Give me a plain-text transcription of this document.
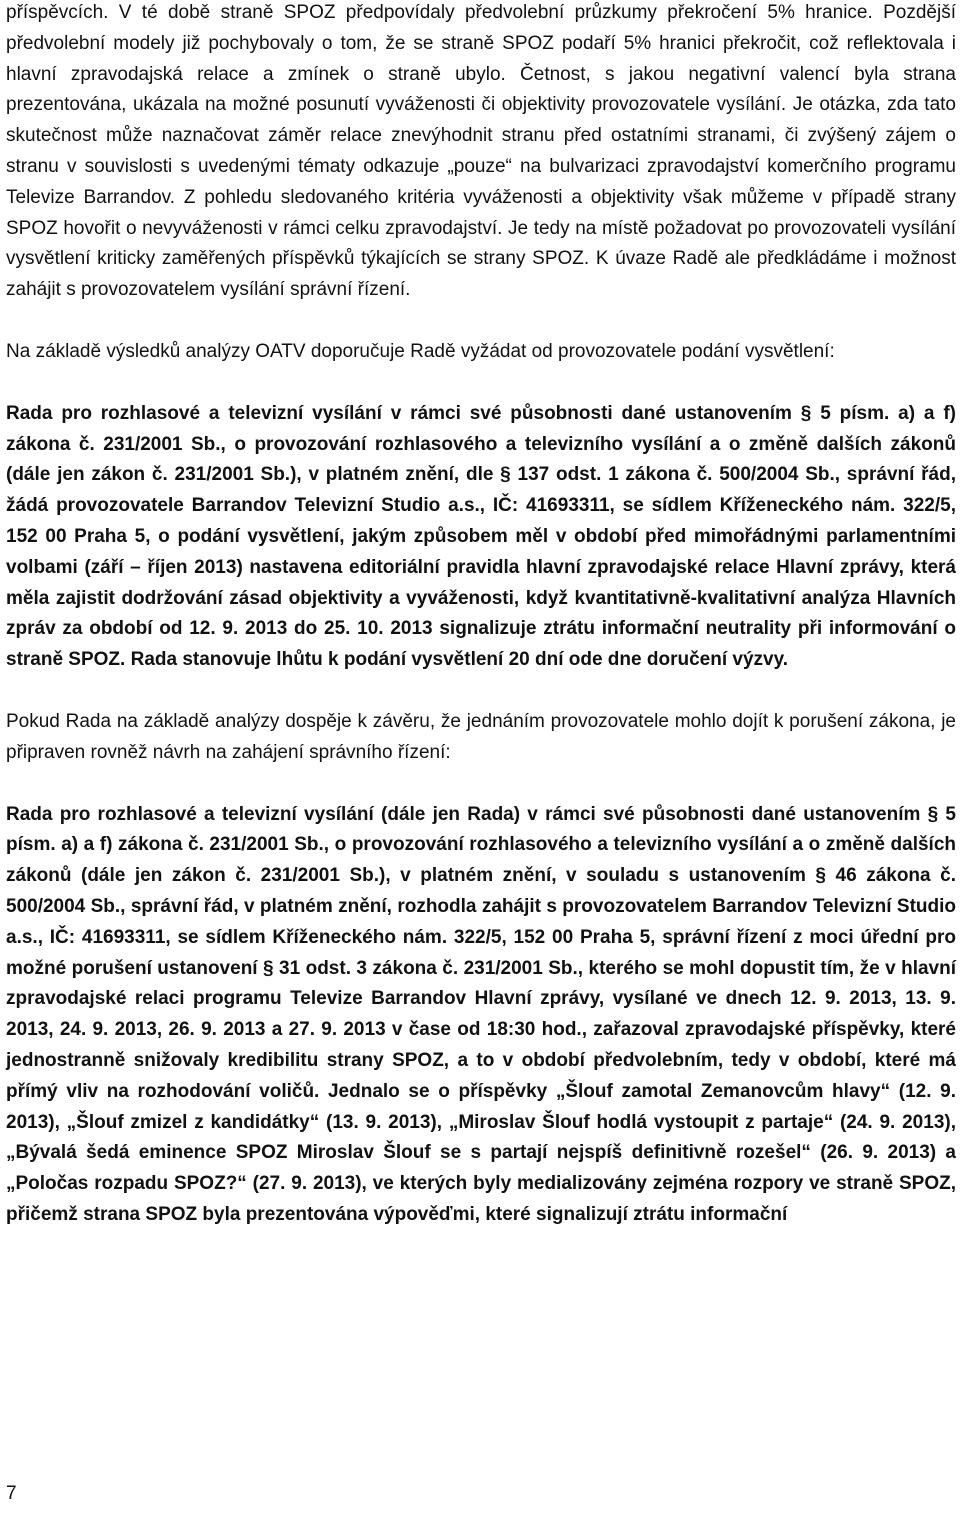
příspěvcích. V té době straně SPOZ předpovídaly předvolební průzkumy překročení 5% hranice. Pozdější předvolební modely již pochybovaly o tom, že se straně SPOZ podaří 5% hranici překročit, což reflektovala i hlavní zpravodajská relace a zmínek o straně ubylo. Četnost, s jakou negativní valencí byla strana prezentována, ukázala na možné posunutí vyváženosti či objektivity provozovatele vysílání. Je otázka, zda tato skutečnost může naznačovat záměr relace znevýhodnit stranu před ostatními stranami, či zvýšený zájem o stranu v souvislosti s uvedenými tématy odkazuje „pouze“ na bulvarizaci zpravodajství komerčního programu Televize Barrandov. Z pohledu sledovaného kritéria vyváženosti a objektivity však můžeme v případě strany SPOZ hovořit o nevyváženosti v rámci celku zpravodajství. Je tedy na místě požadovat po provozovateli vysílání vysvětlení kriticky zaměřených příspěvků týkajících se strany SPOZ. K úvaze Radě ale předkládáme i možnost zahájit s provozovatelem vysílání správní řízení.

Na základě výsledků analýzy OATV doporučuje Radě vyžádat od provozovatele podání vysvětlení:

Rada pro rozhlasové a televizní vysílání v rámci své působnosti dané ustanovením § 5 písm. a) a f) zákona č. 231/2001 Sb., o provozování rozhlasového a televizního vysílání a o změně dalších zákonů (dále jen zákon č. 231/2001 Sb.), v platném znění, dle § 137 odst. 1 zákona č. 500/2004 Sb., správní řád, žádá provozovatele Barrandov Televizní Studio a.s., IČ: 41693311, se sídlem Kříženeckého nám. 322/5, 152 00 Praha 5, o podání vysvětlení, jakým způsobem měl v období před mimořádnými parlamentními volbami (září – říjen 2013) nastavena editoriální pravidla hlavní zpravodajské relace Hlavní zprávy, která měla zajistit dodržování zásad objektivity a vyváženosti, když kvantitativně-kvalitativní analýza Hlavních zpráv za období od 12. 9. 2013 do 25. 10. 2013 signalizuje ztrátu informační neutrality při informování o straně SPOZ. Rada stanovuje lhůtu k podání vysvětlení 20 dní ode dne doručení výzvy.

Pokud Rada na základě analýzy dospěje k závěru, že jednáním provozovatele mohlo dojít k porušení zákona, je připraven rovněž návrh na zahájení správního řízení:

Rada pro rozhlasové a televizní vysílání (dále jen Rada) v rámci své působnosti dané ustanovením § 5 písm. a) a f) zákona č. 231/2001 Sb., o provozování rozhlasového a televizního vysílání a o změně dalších zákonů (dále jen zákon č. 231/2001 Sb.), v platném znění, v souladu s ustanovením § 46 zákona č. 500/2004 Sb., správní řád, v platném znění, rozhodla zahájit s provozovatelem Barrandov Televizní Studio a.s., IČ: 41693311, se sídlem Kříženeckého nám. 322/5, 152 00 Praha 5, správní řízení z moci úřední pro možné porušení ustanovení § 31 odst. 3 zákona č. 231/2001 Sb., kterého se mohl dopustit tím, že v hlavní zpravodajské relaci programu Televize Barrandov Hlavní zprávy, vysílané ve dnech 12. 9. 2013, 13. 9. 2013, 24. 9. 2013, 26. 9. 2013 a 27. 9. 2013 v čase od 18:30 hod., zařazoval zpravodajské příspěvky, které jednostranně snižovaly kredibilitu strany SPOZ, a to v období předvolebním, tedy v období, které má přímý vliv na rozhodování voličů. Jednalo se o příspěvky „Šlouf zamotal Zemanovcům hlavy“ (12. 9. 2013), „Šlouf zmizel z kandidátky“ (13. 9. 2013), „Miroslav Šlouf hodlá vystoupit z partaje“ (24. 9. 2013), „Bývalá šedá eminence SPOZ Miroslav Šlouf se s partají nejspíš definitivně rozešel“ (26. 9. 2013) a „Poločas rozpadu SPOZ?“ (27. 9. 2013), ve kterých byly medializovány zejména rozpory ve straně SPOZ, přičemž strana SPOZ byla prezentována výpověďmi, které signalizují ztrátu informační

7
